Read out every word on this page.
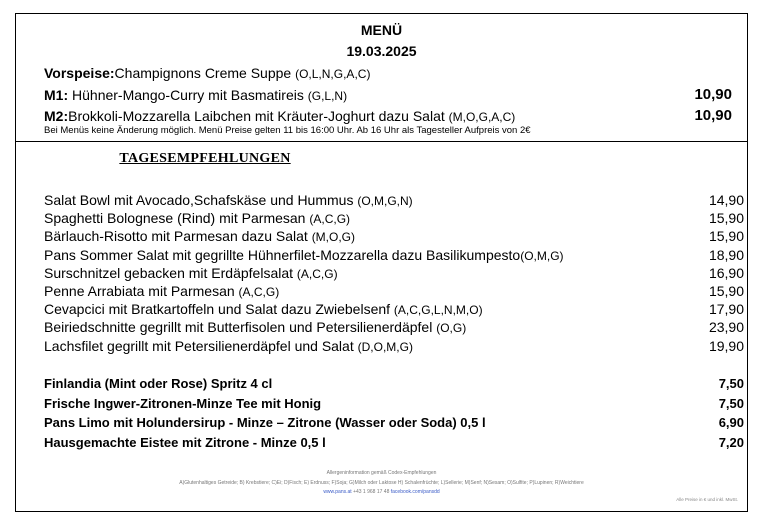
MENÜ
19.03.2025
Vorspeise:Champignons Creme Suppe (O,L,N,G,A,C)
M1: Hühner-Mango-Curry mit Basmatireis (G,L,N)	10,90
M2:Brokkoli-Mozzarella Laibchen mit Kräuter-Joghurt dazu Salat (M,O,G,A,C)	10,90
Bei Menüs keine Änderung möglich. Menü Preise gelten 11 bis 16:00 Uhr. Ab 16 Uhr als Tagesteller Aufpreis von 2€
TAGESEMPFEHLUNGEN
Salat Bowl mit Avocado,Schafskäse und Hummus (O,M,G,N)	14,90
Spaghetti Bolognese (Rind) mit Parmesan (A,C,G)	15,90
Bärlauch-Risotto mit Parmesan dazu Salat (M,O,G)	15,90
Pans Sommer Salat mit gegrillte Hühnerfilet-Mozzarella dazu Basilikumpesto(O,M,G)	18,90
Surschnitzel gebacken mit Erdäpfelsalat (A,C,G)	16,90
Penne Arrabiata mit Parmesan (A,C,G)	15,90
Cevapcici mit Bratkartoffeln und Salat dazu Zwiebelsenf (A,C,G,L,N,M,O)	17,90
Beiriedschnitte gegrillt mit Butterfisolen und Petersilienerdäpfel (O,G)	23,90
Lachsfilet gegrillt mit Petersilienerdäpfel und Salat (D,O,M,G)	19,90
Finlandia (Mint oder Rose) Spritz 4 cl	7,50
Frische Ingwer-Zitronen-Minze Tee mit Honig	7,50
Pans Limo mit Holundersirup - Minze – Zitrone (Wasser oder Soda) 0,5 l	6,90
Hausgemachte Eistee mit Zitrone - Minze 0,5 l	7,20
Allergeninformation gemäß Codex-Empfehlungen
A)Glutenhaltiges Getreide; B) Krebstiere; C)Ei; D)Fisch; E) Erdnuss; F)Soja; G)Milch oder Laktose H) Schalenfrüchte; L)Sellerie; M)Senf; N)Sesam; O)Sulfite; P)Lupinen; R)Weichtiere
www.pans.at +43 1 968 17 48 facebook.com/pansdd
Alle Preise in € und inkl. MwSt.
